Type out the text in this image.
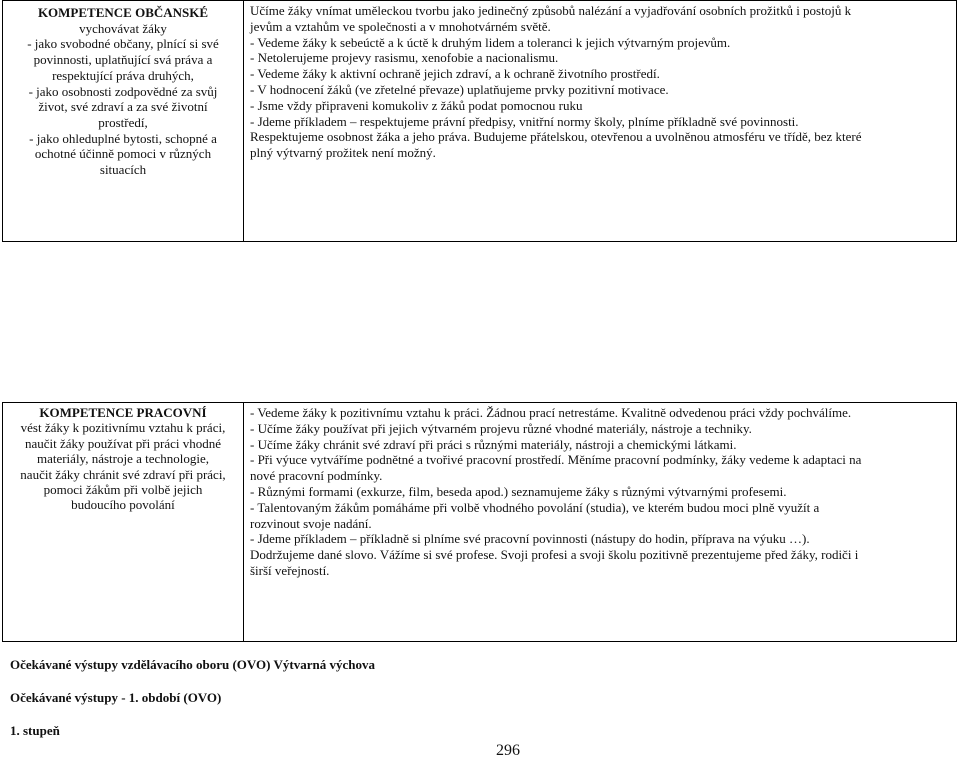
KOMPETENCE OBČANSKÉ
vychovávat žáky
- jako svobodné občany, plnící si své
povinnosti, uplatňující svá práva a
respektující práva druhých,
- jako osobnosti zodpovědné za svůj
život, své zdraví a za své životní
prostředí,
- jako ohleduplné bytosti, schopné a
ochotné účinně pomoci v různých
situacích
Učíme žáky vnímat uměleckou tvorbu jako jedinečný způsobů nalézání a vyjadřování osobních prožitků i postojů k
jevům a vztahům ve společnosti a v mnohotvárném světě.
- Vedeme žáky k sebeúctě a k úctě k druhým lidem a toleranci k jejich výtvarným projevům.
- Netolerujeme projevy rasismu, xenofobie a nacionalismu.
- Vedeme žáky k aktivní ochraně jejich zdraví, a k ochraně životního prostředí.
- V hodnocení žáků (ve zřetelné převaze) uplatňujeme prvky pozitivní motivace.
- Jsme vždy připraveni komukoliv z žáků podat pomocnou ruku
- Jdeme příkladem – respektujeme právní předpisy, vnitřní normy školy, plníme příkladně své povinnosti.
Respektujeme osobnost žáka a jeho práva. Budujeme přátelskou, otevřenou a uvolněnou atmosféru ve třídě, bez které
plný výtvarný prožitek není možný.
KOMPETENCE PRACOVNÍ
vést žáky k pozitivnímu vztahu k práci,
naučit žáky používat při práci vhodné
materiály, nástroje a technologie,
naučit žáky chránit své zdraví při práci,
pomoci žákům při volbě jejich
budoucího povolání
- Vedeme žáky k pozitivnímu vztahu k práci. Žádnou prací netrestáme. Kvalitně odvedenou práci vždy pochválíme.
- Učíme žáky používat při jejich výtvarném projevu různé vhodné materiály, nástroje a techniky.
- Učíme žáky chránit své zdraví při práci s různými materiály, nástroji a chemickými látkami.
- Při výuce vytváříme podnětné a tvořivé pracovní prostředí. Měníme pracovní podmínky, žáky vedeme k adaptaci na
nové pracovní podmínky.
- Různými formami (exkurze, film, beseda apod.) seznamujeme žáky s různými výtvarnými profesemi.
- Talentovaným žákům pomáháme při volbě vhodného povolání (studia), ve kterém budou moci plně využít a
rozvinout svoje nadání.
- Jdeme příkladem – příkladně si plníme své pracovní povinnosti (nástupy do hodin, příprava na výuku …).
Dodržujeme dané slovo. Vážíme si své profese. Svoji profesi a svoji školu pozitivně prezentujeme před žáky, rodiči i
širší veřejností.
Očekávané výstupy vzdělávacího oboru (OVO) Výtvarná výchova
Očekávané výstupy - 1. období (OVO)
1. stupeň
296
